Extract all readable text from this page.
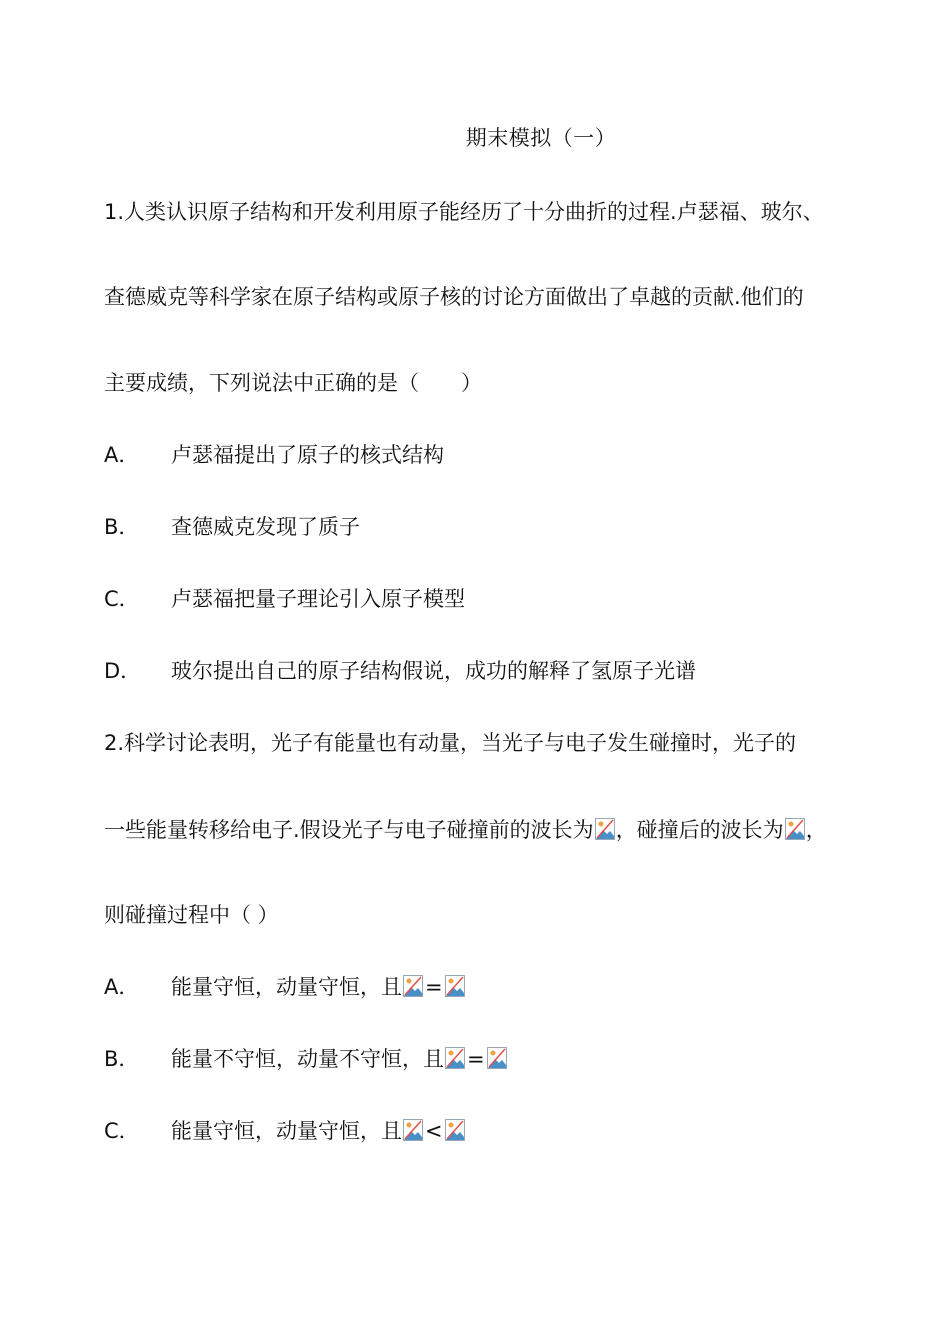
期末模拟（一）
1.人类认识原子结构和开发利用原子能经历了十分曲折的过程.卢瑟福、玻尔、
查德威克等科学家在原子结构或原子核的讨论方面做出了卓越的贡献.他们的
主要成绩，下列说法中正确的是（　　）
A． 卢瑟福提出了原子的核式结构
B． 查德威克发现了质子
C． 卢瑟福把量子理论引入原子模型
D． 玻尔提出自己的原子结构假说，成功的解释了氢原子光谱
2.科学讨论表明，光子有能量也有动量，当光子与电子发生碰撞时，光子的
一些能量转移给电子.假设光子与电子碰撞前的波长为 ，碰撞后的波长为 ，
则碰撞过程中（ ）
A． 能量守恒，动量守恒，且 =
B． 能量不守恒，动量不守恒，且 =
C． 能量守恒，动量守恒，且 <
